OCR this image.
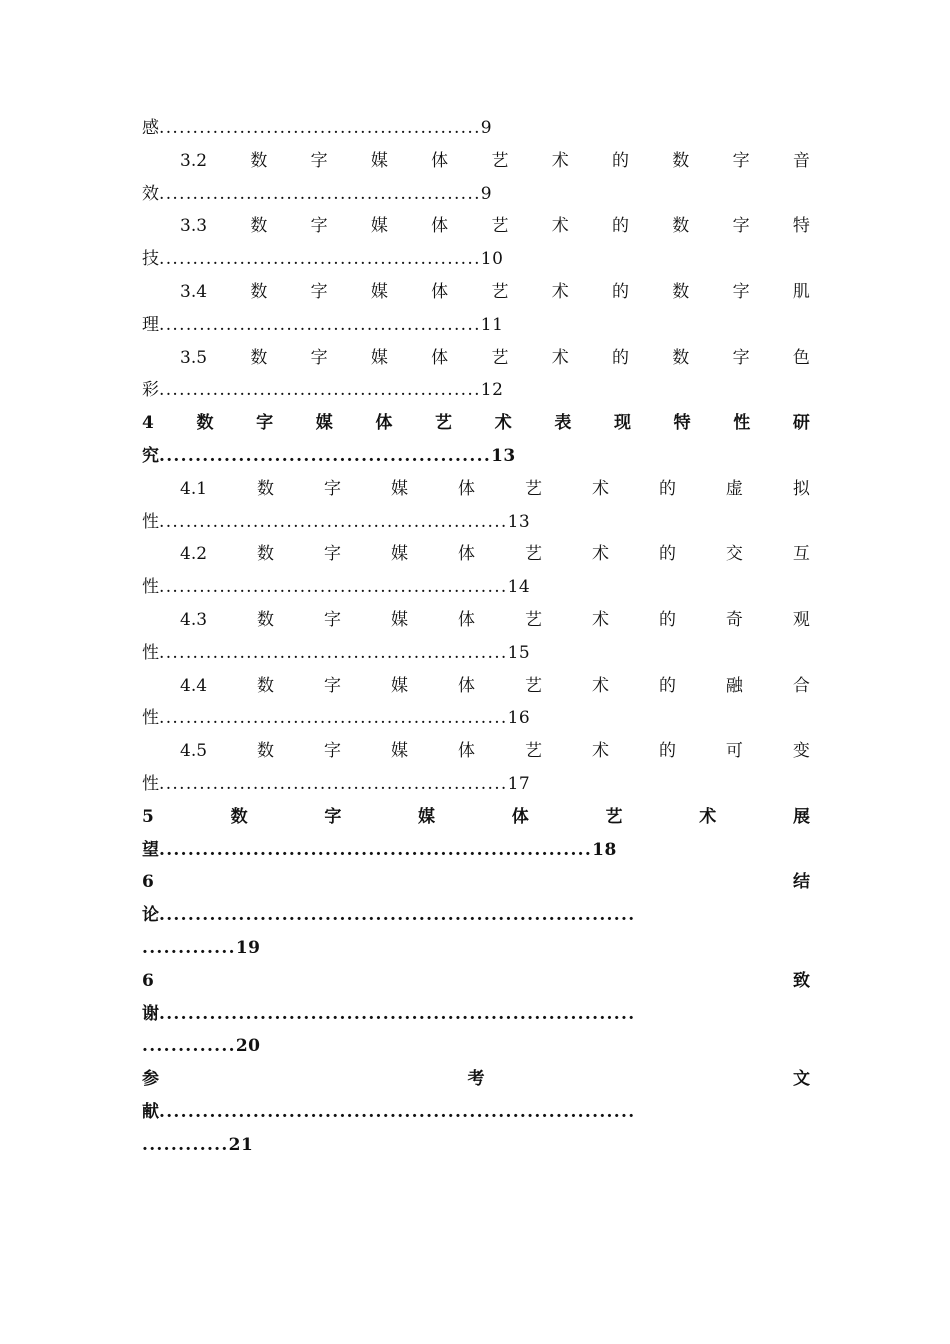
感 ................................................ 9
3.2	数	字	媒	体	艺	术	的	数	字	音
效 ................................................ 9
3.3	数	字	媒	体	艺	术	的	数	字	特
技 ................................................ 10
3.4	数	字	媒	体	艺	术	的	数	字	肌
理 ................................................ 11
3.5	数	字	媒	体	艺	术	的	数	字	色
彩 ................................................ 12
4	数	字	媒	体	艺	术	表	现	特	性	研
究 .............................................. 13
4.1	数	字	媒	体	艺	术	的	虚	拟
性 .................................................... 13
4.2	数	字	媒	体	艺	术	的	交	互
性 .................................................... 14
4.3	数	字	媒	体	艺	术	的	奇	观
性 .................................................... 15
4.4	数	字	媒	体	艺	术	的	融	合
性 .................................................... 16
4.5	数	字	媒	体	艺	术	的	可	变
性 .................................................... 17
5	数	字	媒	体	艺	术	展
望 ............................................................ 18
6	结
论 ..................................................................
............. 19
6	致
谢 ..................................................................
............. 20
参	考	文
献 ..................................................................
............ 21
